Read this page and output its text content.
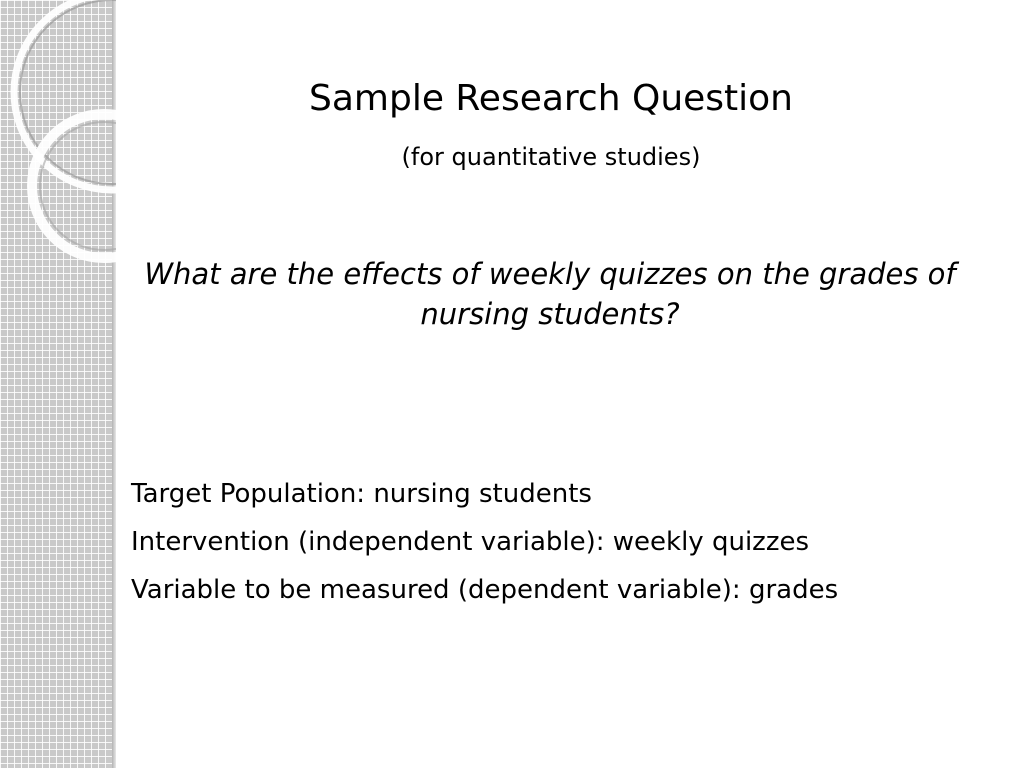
Sample Research Question

(for quantitative studies)

What are the effects of weekly quizzes on the grades of nursing students?

Target Population: nursing students
Intervention (independent variable): weekly quizzes
Variable to be measured (dependent variable): grades
